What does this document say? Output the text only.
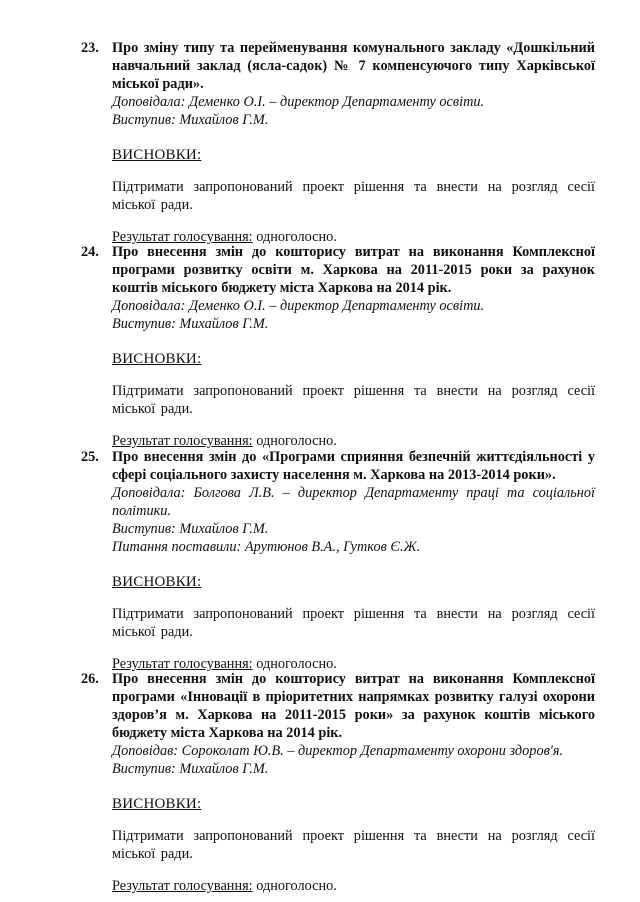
23. Про зміну типу та перейменування комунального закладу «Дошкільний навчальний заклад (ясла-садок) № 7 компенсуючого типу Харківської міської ради».
Доповідала: Деменко О.І. – директор Департаменту освіти.
Виступив: Михайлов Г.М.
ВИСНОВКИ:
Підтримати запропонований проект рішення та внести на розгляд сесії міської ради.
Результат голосування: одноголосно.
24. Про внесення змін до кошторису витрат на виконання Комплексної програми розвитку освіти м. Харкова на 2011-2015 роки за рахунок коштів міського бюджету міста Харкова на 2014 рік.
Доповідала: Деменко О.І. – директор Департаменту освіти.
Виступив: Михайлов Г.М.
ВИСНОВКИ:
Підтримати запропонований проект рішення та внести на розгляд сесії міської ради.
Результат голосування: одноголосно.
25. Про внесення змін до «Програми сприяння безпечній життєдіяльності у сфері соціального захисту населення м. Харкова на 2013-2014 роки».
Доповідала: Болгова Л.В. – директор Департаменту праці та соціальної політики.
Виступив: Михайлов Г.М.
Питання поставили: Арутюнов В.А., Гутков Є.Ж.
ВИСНОВКИ:
Підтримати запропонований проект рішення та внести на розгляд сесії міської ради.
Результат голосування: одноголосно.
26. Про внесення змін до кошторису витрат на виконання Комплексної програми «Інновації в пріоритетних напрямках розвитку галузі охорони здоров’я м. Харкова на 2011-2015 роки» за рахунок коштів міського бюджету міста Харкова на 2014 рік.
Доповідав: Сороколат Ю.В. – директор Департаменту охорони здоров'я.
Виступив: Михайлов Г.М.
ВИСНОВКИ:
Підтримати запропонований проект рішення та внести на розгляд сесії міської ради.
Результат голосування: одноголосно.
